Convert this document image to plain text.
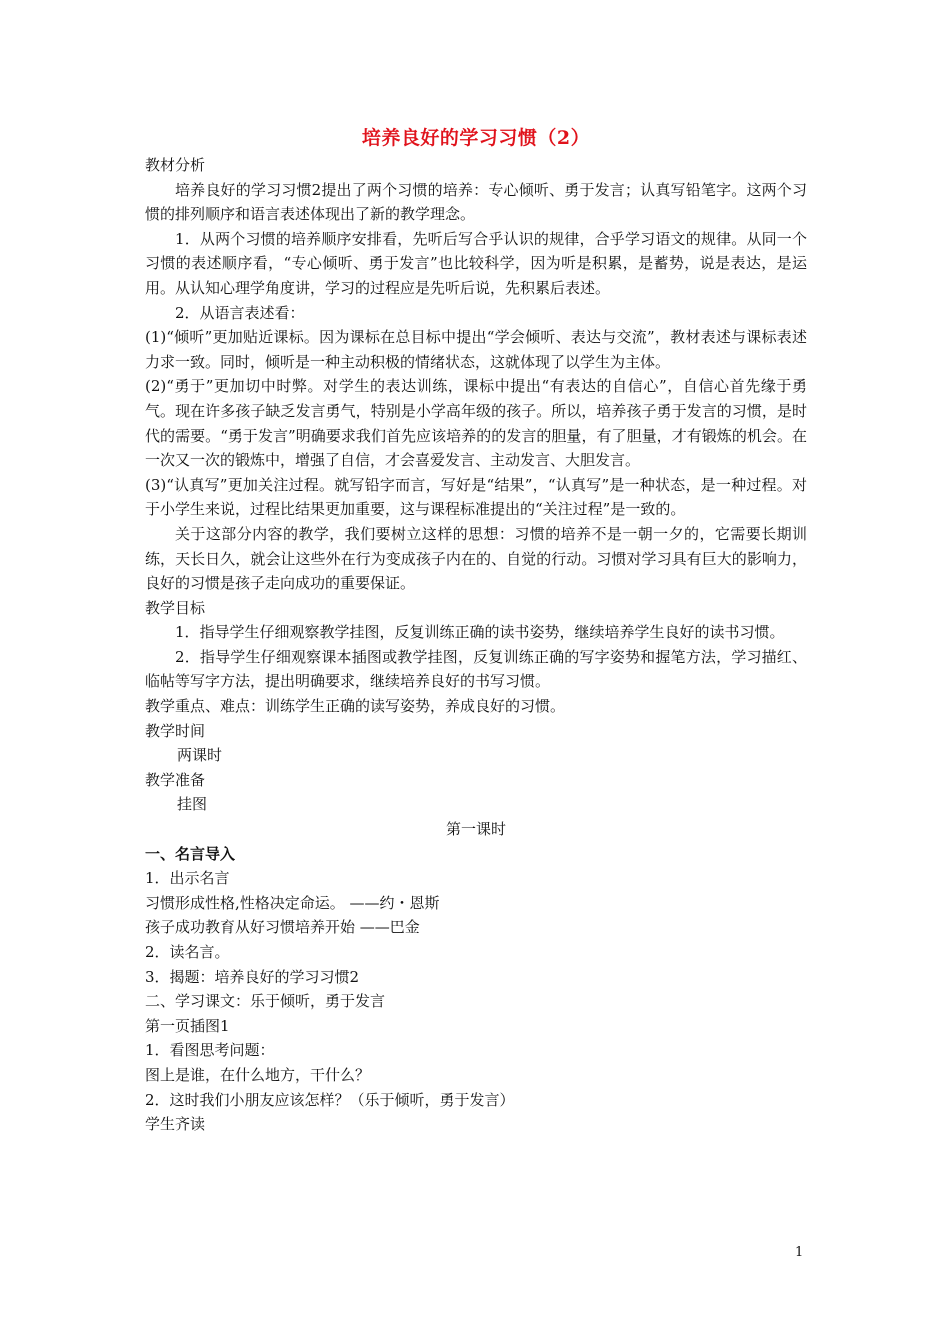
培养良好的学习习惯（2）

教材分析

培养良好的学习习惯2提出了两个习惯的培养：专心倾听、勇于发言；认真写铅笔字。这两个习惯的排列顺序和语言表述体现出了新的教学理念。

1．从两个习惯的培养顺序安排看，先听后写合乎认识的规律，合乎学习语文的规律。从同一个习惯的表述顺序看，“专心倾听、勇于发言”也比较科学，因为听是积累，是蓄势，说是表达，是运用。从认知心理学角度讲，学习的过程应是先听后说，先积累后表述。

2．从语言表述看：

(1)“倾听”更加贴近课标。因为课标在总目标中提出“学会倾听、表达与交流”，教材表述与课标表述力求一致。同时，倾听是一种主动积极的情绪状态，这就体现了以学生为主体。

(2)“勇于”更加切中时弊。对学生的表达训练，课标中提出“有表达的自信心”，自信心首先缘于勇气。现在许多孩子缺乏发言勇气，特别是小学高年级的孩子。所以，培养孩子勇于发言的习惯，是时代的需要。“勇于发言”明确要求我们首先应该培养的的发言的胆量，有了胆量，才有锻炼的机会。在一次又一次的锻炼中，增强了自信，才会喜爱发言、主动发言、大胆发言。

(3)“认真写”更加关注过程。就写铅字而言，写好是“结果”，“认真写”是一种状态，是一种过程。对于小学生来说，过程比结果更加重要，这与课程标准提出的“关注过程”是一致的。

关于这部分内容的教学，我们要树立这样的思想：习惯的培养不是一朝一夕的，它需要长期训练，天长日久，就会让这些外在行为变成孩子内在的、自觉的行动。习惯对学习具有巨大的影响力，良好的习惯是孩子走向成功的重要保证。

教学目标

1．指导学生仔细观察教学挂图，反复训练正确的读书姿势，继续培养学生良好的读书习惯。

2．指导学生仔细观察课本插图或教学挂图，反复训练正确的写字姿势和握笔方法，学习描红、临帖等写字方法，提出明确要求，继续培养良好的书写习惯。

教学重点、难点：训练学生正确的读写姿势，养成良好的习惯。

教学时间

两课时

教学准备

挂图

第一课时

一、名言导入

1．出示名言

习惯形成性格,性格决定命运。 ——约・恩斯

孩子成功教育从好习惯培养开始 ——巴金

2．读名言。

3．揭题：培养良好的学习习惯2

二、学习课文：乐于倾听，勇于发言

第一页插图1

1．看图思考问题：

图上是谁，在什么地方，干什么？

2．这时我们小朋友应该怎样？（乐于倾听，勇于发言）

学生齐读

1
